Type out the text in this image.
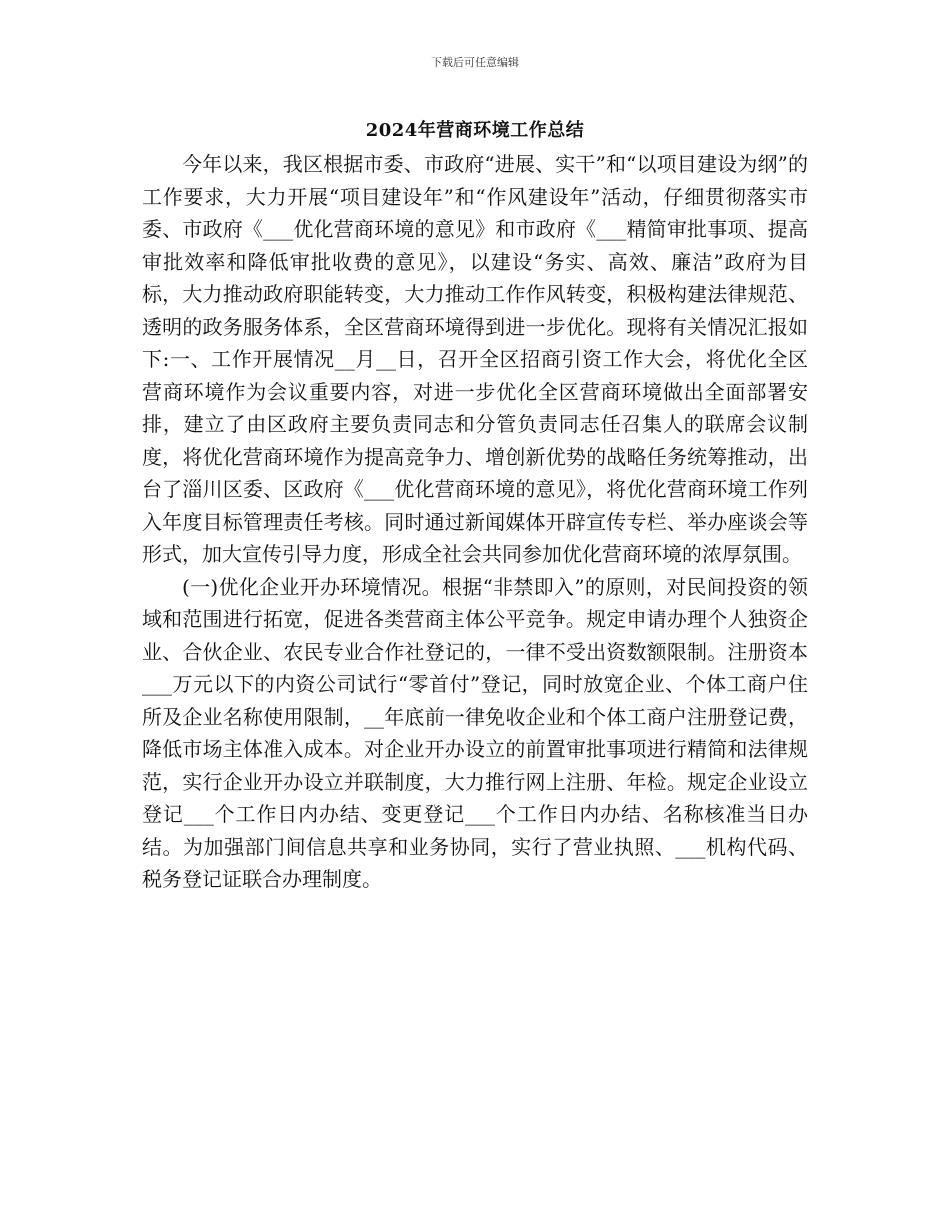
下载后可任意编辑
2024年营商环境工作总结

今年以来，我区根据市委、市政府“进展、实干”和“以项目建设为纲”的工作要求，大力开展“项目建设年”和“作风建设年”活动，仔细贯彻落实市委、市政府《___优化营商环境的意见》和市政府《___精简审批事项、提高审批效率和降低审批收费的意见》，以建设“务实、高效、廉洁”政府为目标，大力推动政府职能转变，大力推动工作作风转变，积极构建法律规范、透明的政务服务体系，全区营商环境得到进一步优化。现将有关情况汇报如下:一、工作开展情况__月__日，召开全区招商引资工作大会，将优化全区营商环境作为会议重要内容，对进一步优化全区营商环境做出全面部署安排，建立了由区政府主要负责同志和分管负责同志任召集人的联席会议制度，将优化营商环境作为提高竞争力、增创新优势的战略任务统筹推动，出台了淄川区委、区政府《___优化营商环境的意见》，将优化营商环境工作列入年度目标管理责任考核。同时通过新闻媒体开辟宣传专栏、举办座谈会等形式，加大宣传引导力度，形成全社会共同参加优化营商环境的浓厚氛围。

(一)优化企业开办环境情况。根据“非禁即入”的原则，对民间投资的领域和范围进行拓宽，促进各类营商主体公平竞争。规定申请办理个人独资企业、合伙企业、农民专业合作社登记的，一律不受出资数额限制。注册资本___万元以下的内资公司试行“零首付”登记，同时放宽企业、个体工商户住所及企业名称使用限制，__年底前一律免收企业和个体工商户注册登记费，降低市场主体准入成本。对企业开办设立的前置审批事项进行精简和法律规范，实行企业开办设立并联制度，大力推行网上注册、年检。规定企业设立登记___个工作日内办结、变更登记___个工作日内办结、名称核准当日办结。为加强部门间信息共享和业务协同，实行了营业执照、___机构代码、税务登记证联合办理制度。
